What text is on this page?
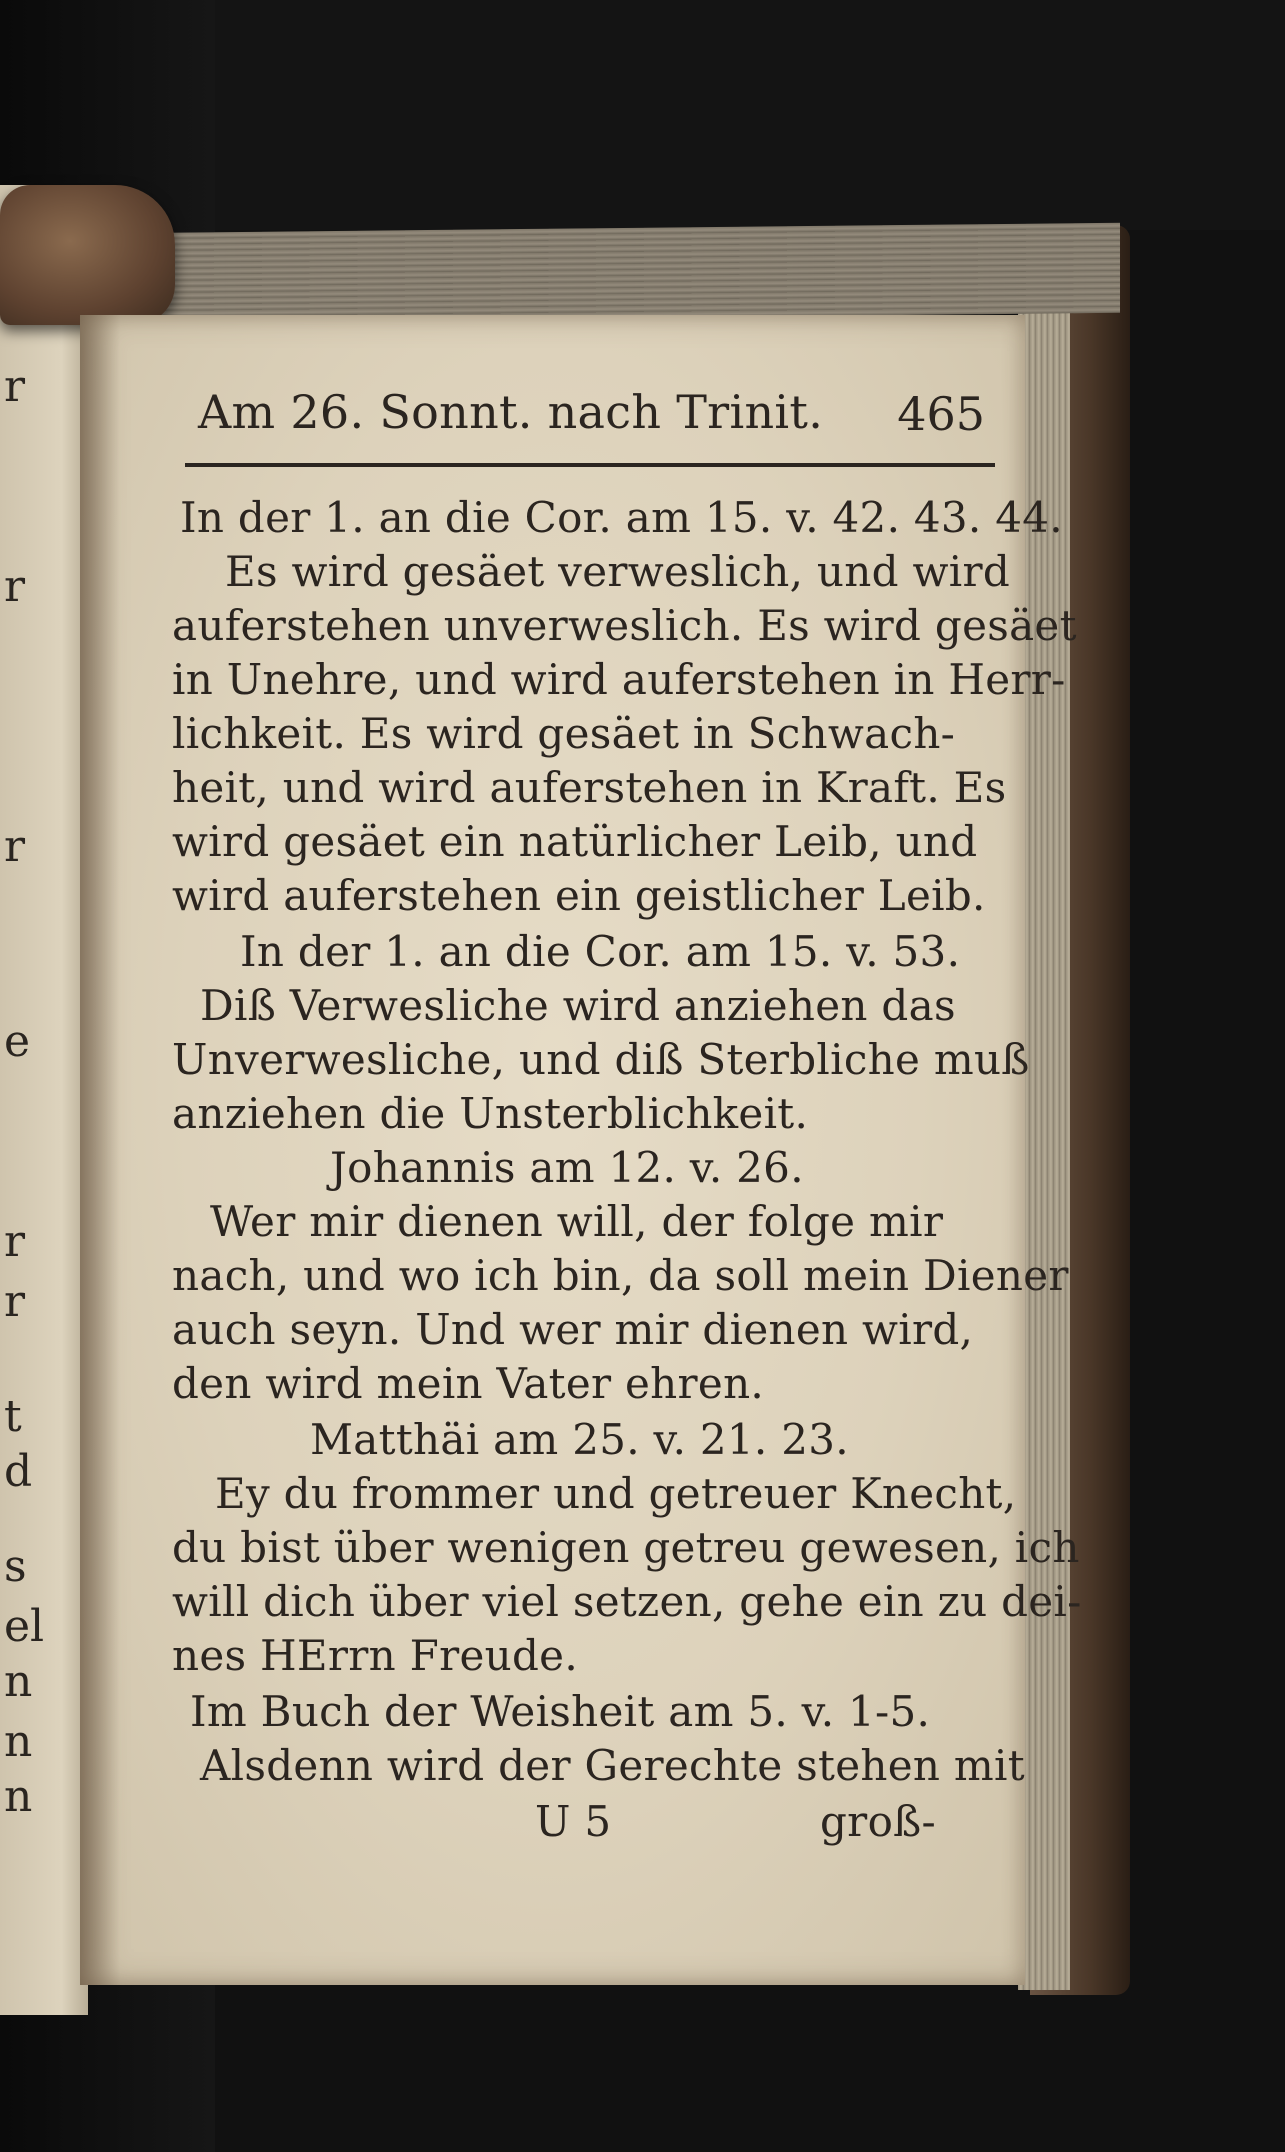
r
r
r
e
r
r
t
d
s
el
n
n
n
Am 26. Sonnt. nach Trinit. 465
In der 1. an die Cor. am 15. v. 42. 43. 44.
Es wird gesäet verweslich, und wird
auferstehen unverweslich. Es wird gesäet
in Unehre, und wird auferstehen in Herr-
lichkeit. Es wird gesäet in Schwach-
heit, und wird auferstehen in Kraft. Es
wird gesäet ein natürlicher Leib, und
wird auferstehen ein geistlicher Leib.
In der 1. an die Cor. am 15. v. 53.
Diß Verwesliche wird anziehen das
Unverwesliche, und diß Sterbliche muß
anziehen die Unsterblichkeit.
Johannis am 12. v. 26.
Wer mir dienen will, der folge mir
nach, und wo ich bin, da soll mein Diener
auch seyn. Und wer mir dienen wird,
den wird mein Vater ehren.
Matthäi am 25. v. 21. 23.
Ey du frommer und getreuer Knecht,
du bist über wenigen getreu gewesen, ich
will dich über viel setzen, gehe ein zu dei-
nes HErrn Freude.
Im Buch der Weisheit am 5. v. 1-5.
Alsdenn wird der Gerechte stehen mit
U 5	groß-
